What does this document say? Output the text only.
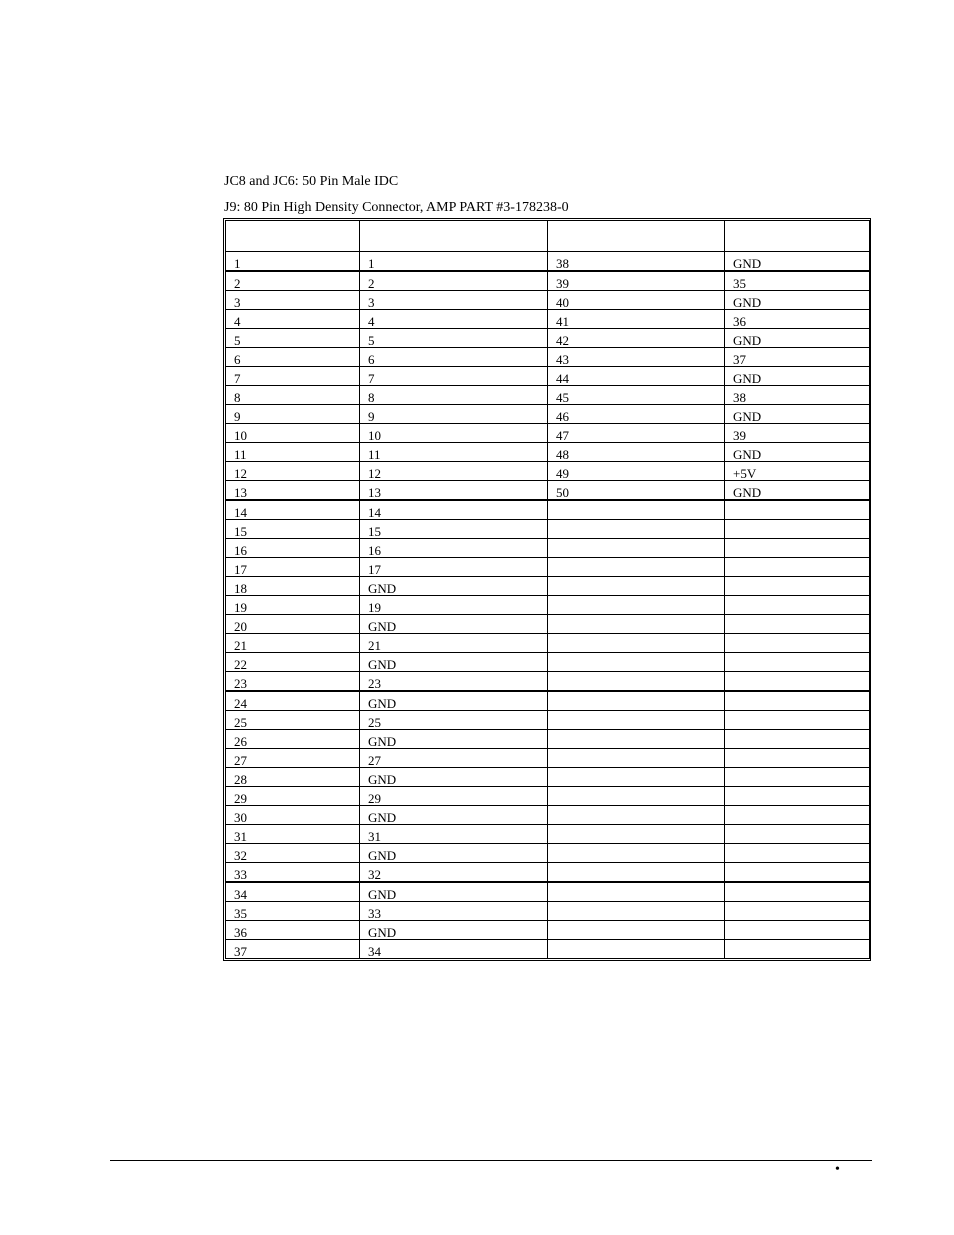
JC8 and JC6: 50 Pin Male IDC
J9: 80 Pin High Density Connector, AMP PART #3-178238-0

1	1	38	GND
2	2	39	35
3	3	40	GND
4	4	41	36
5	5	42	GND
6	6	43	37
7	7	44	GND
8	8	45	38
9	9	46	GND
10	10	47	39
11	11	48	GND
12	12	49	+5V
13	13	50	GND
14	14		
15	15		
16	16		
17	17		
18	GND		
19	19		
20	GND		
21	21		
22	GND		
23	23		
24	GND		
25	25		
26	GND		
27	27		
28	GND		
29	29		
30	GND		
31	31		
32	GND		
33	32		
34	GND		
35	33		
36	GND		
37	34		
•
